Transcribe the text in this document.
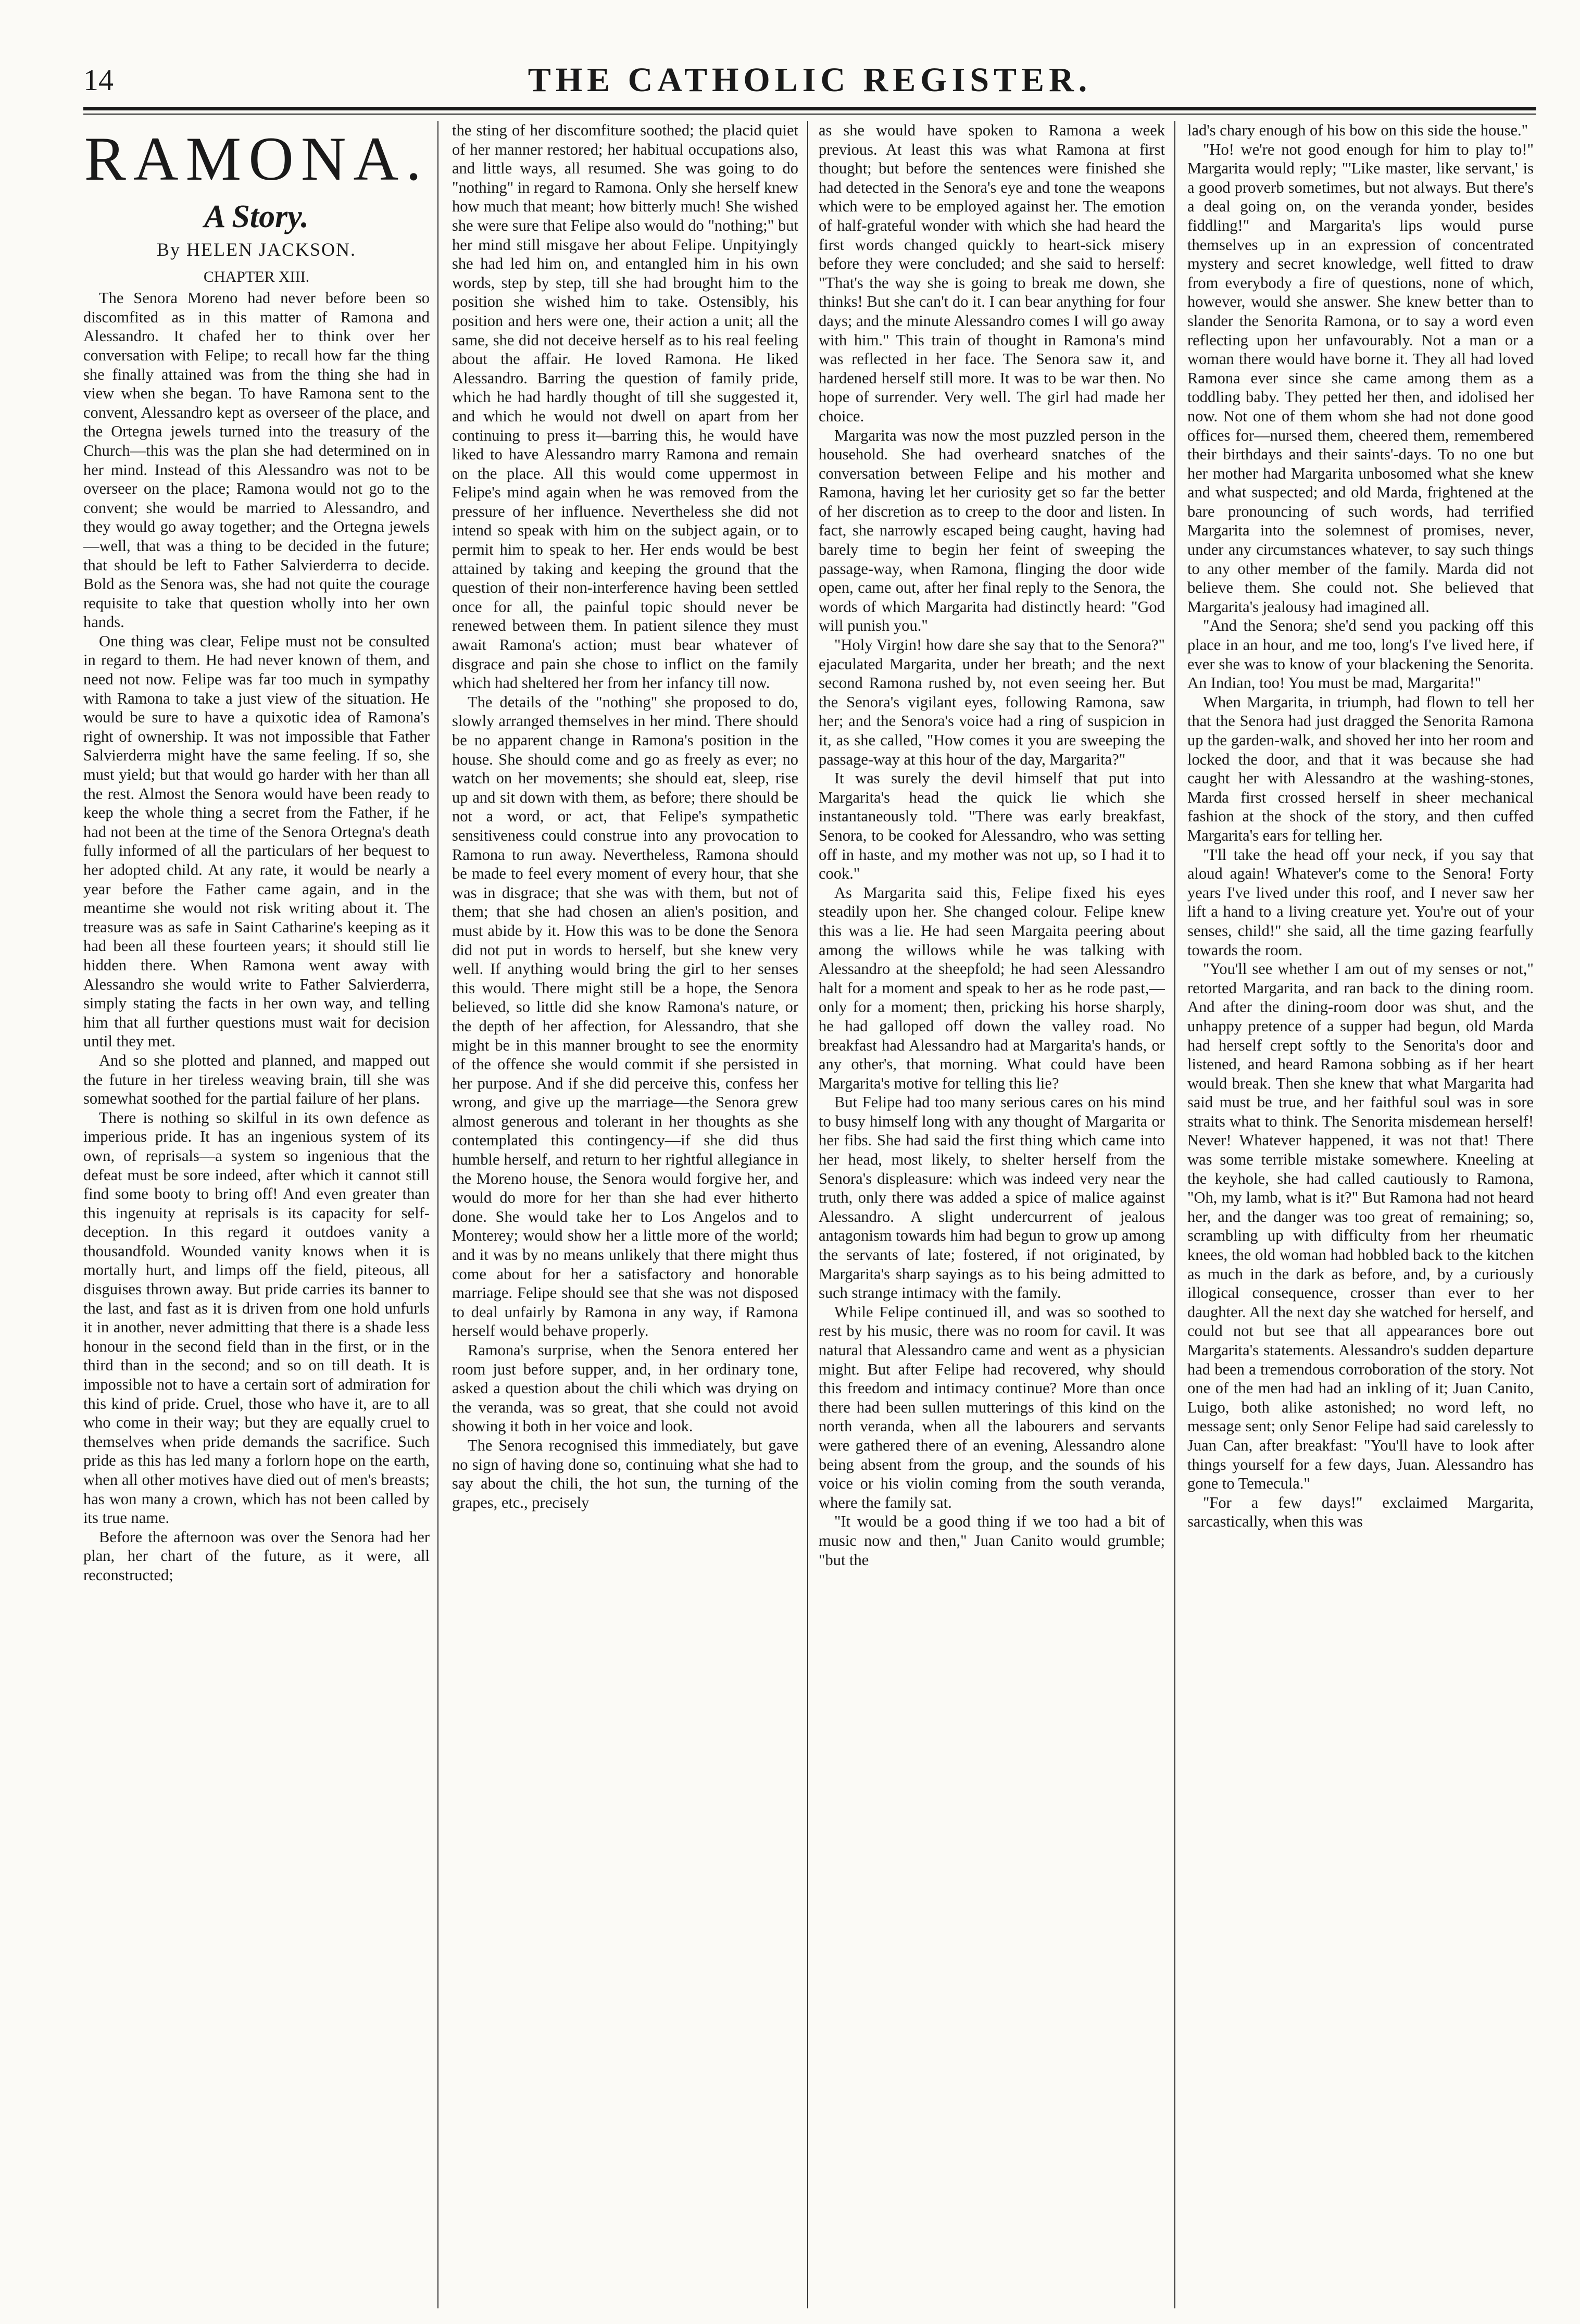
14	THE CATHOLIC REGISTER.
RAMONA.
A Story.
By HELEN JACKSON.
CHAPTER XIII.

The Senora Moreno had never before been so discomfited as in this matter of Ramona and Alessandro. It chafed her to think over her conversation with Felipe; to recall how far the thing she finally attained was from the thing she had in view when she began. To have Ramona sent to the convent, Alessandro kept as overseer of the place, and the Ortegna jewels turned into the treasury of the Church—this was the plan she had determined on in her mind. Instead of this Alessandro was not to be overseer on the place; Ramona would not go to the convent; she would be married to Alessandro, and they would go away together; and the Ortegna jewels—well, that was a thing to be decided in the future; that should be left to Father Salvierderra to decide. Bold as the Senora was, she had not quite the courage requisite to take that question wholly into her own hands.

One thing was clear, Felipe must not be consulted in regard to them. He had never known of them, and need not now. Felipe was far too much in sympathy with Ramona to take a just view of the situation. He would be sure to have a quixotic idea of Ramona's right of ownership. It was not impossible that Father Salvierderra might have the same feeling. If so, she must yield; but that would go harder with her than all the rest. Almost the Senora would have been ready to keep the whole thing a secret from the Father, if he had not been at the time of the Senora Ortegna's death fully informed of all the particulars of her bequest to her adopted child. At any rate, it would be nearly a year before the Father came again, and in the meantime she would not risk writing about it. The treasure was as safe in Saint Catharine's keeping as it had been all these fourteen years; it should still lie hidden there. When Ramona went away with Alessandro she would write to Father Salvierderra, simply stating the facts in her own way, and telling him that all further questions must wait for decision until they met.

And so she plotted and planned, and mapped out the future in her tireless weaving brain, till she was somewhat soothed for the partial failure of her plans.

There is nothing so skilful in its own defence as imperious pride. It has an ingenious system of its own, of reprisals—a system so ingenious that the defeat must be sore indeed, after which it cannot still find some booty to bring off! And even greater than this ingenuity at reprisals is its capacity for self-deception. In this regard it outdoes vanity a thousandfold. Wounded vanity knows when it is mortally hurt, and limps off the field, piteous, all disguises thrown away. But pride carries its banner to the last, and fast as it is driven from one hold unfurls it in another, never admitting that there is a shade less honour in the second field than in the first, or in the third than in the second; and so on till death. It is impossible not to have a certain sort of admiration for this kind of pride. Cruel, those who have it, are to all who come in their way; but they are equally cruel to themselves when pride demands the sacrifice. Such pride as this has led many a forlorn hope on the earth, when all other motives have died out of men's breasts; has won many a crown, which has not been called by its true name.

Before the afternoon was over the Senora had her plan, her chart of the future, as it were, all reconstructed;

the sting of her discomfiture soothed; the placid quiet of her manner restored; her habitual occupations also, and little ways, all resumed. She was going to do "nothing" in regard to Ramona. Only she herself knew how much that meant; how bitterly much! She wished she were sure that Felipe also would do "nothing;" but her mind still misgave her about Felipe. Unpityingly she had led him on, and entangled him in his own words, step by step, till she had brought him to the position she wished him to take. Ostensibly, his position and hers were one, their action a unit; all the same, she did not deceive herself as to his real feeling about the affair. He loved Ramona. He liked Alessandro. Barring the question of family pride, which he had hardly thought of till she suggested it, and which he would not dwell on apart from her continuing to press it—barring this, he would have liked to have Alessandro marry Ramona and remain on the place. All this would come uppermost in Felipe's mind again when he was removed from the pressure of her influence. Nevertheless she did not intend so speak with him on the subject again, or to permit him to speak to her. Her ends would be best attained by taking and keeping the ground that the question of their non-interference having been settled once for all, the painful topic should never be renewed between them. In patient silence they must await Ramona's action; must bear whatever of disgrace and pain she chose to inflict on the family which had sheltered her from her infancy till now.

The details of the "nothing" she proposed to do, slowly arranged themselves in her mind. There should be no apparent change in Ramona's position in the house. She should come and go as freely as ever; no watch on her movements; she should eat, sleep, rise up and sit down with them, as before; there should be not a word, or act, that Felipe's sympathetic sensitiveness could construe into any provocation to Ramona to run away. Nevertheless, Ramona should be made to feel every moment of every hour, that she was in disgrace; that she was with them, but not of them; that she had chosen an alien's position, and must abide by it. How this was to be done the Senora did not put in words to herself, but she knew very well. If anything would bring the girl to her senses this would. There might still be a hope, the Senora believed, so little did she know Ramona's nature, or the depth of her affection, for Alessandro, that she might be in this manner brought to see the enormity of the offence she would commit if she persisted in her purpose. And if she did perceive this, confess her wrong, and give up the marriage—the Senora grew almost generous and tolerant in her thoughts as she contemplated this contingency—if she did thus humble herself, and return to her rightful allegiance in the Moreno house, the Senora would forgive her, and would do more for her than she had ever hitherto done. She would take her to Los Angelos and to Monterey; would show her a little more of the world; and it was by no means unlikely that there might thus come about for her a satisfactory and honorable marriage. Felipe should see that she was not disposed to deal unfairly by Ramona in any way, if Ramona herself would behave properly.

Ramona's surprise, when the Senora entered her room just before supper, and, in her ordinary tone, asked a question about the chili which was drying on the veranda, was so great, that she could not avoid showing it both in her voice and look.

The Senora recognised this immediately, but gave no sign of having done so, continuing what she had to say about the chili, the hot sun, the turning of the grapes, etc., precisely

as she would have spoken to Ramona a week previous. At least this was what Ramona at first thought; but before the sentences were finished she had detected in the Senora's eye and tone the weapons which were to be employed against her. The emotion of half-grateful wonder with which she had heard the first words changed quickly to heart-sick misery before they were concluded; and she said to herself: "That's the way she is going to break me down, she thinks! But she can't do it. I can bear anything for four days; and the minute Alessandro comes I will go away with him." This train of thought in Ramona's mind was reflected in her face. The Senora saw it, and hardened herself still more. It was to be war then. No hope of surrender. Very well. The girl had made her choice.

Margarita was now the most puzzled person in the household. She had overheard snatches of the conversation between Felipe and his mother and Ramona, having let her curiosity get so far the better of her discretion as to creep to the door and listen. In fact, she narrowly escaped being caught, having had barely time to begin her feint of sweeping the passage-way, when Ramona, flinging the door wide open, came out, after her final reply to the Senora, the words of which Margarita had distinctly heard: "God will punish you."

"Holy Virgin! how dare she say that to the Senora?" ejaculated Margarita, under her breath; and the next second Ramona rushed by, not even seeing her. But the Senora's vigilant eyes, following Ramona, saw her; and the Senora's voice had a ring of suspicion in it, as she called, "How comes it you are sweeping the passage-way at this hour of the day, Margarita?"

It was surely the devil himself that put into Margarita's head the quick lie which she instantaneously told. "There was early breakfast, Senora, to be cooked for Alessandro, who was setting off in haste, and my mother was not up, so I had it to cook."

As Margarita said this, Felipe fixed his eyes steadily upon her. She changed colour. Felipe knew this was a lie. He had seen Margaita peering about among the willows while he was talking with Alessandro at the sheepfold; he had seen Alessandro halt for a moment and speak to her as he rode past,—only for a moment; then, pricking his horse sharply, he had galloped off down the valley road. No breakfast had Alessandro had at Margarita's hands, or any other's, that morning. What could have been Margarita's motive for telling this lie?

But Felipe had too many serious cares on his mind to busy himself long with any thought of Margarita or her fibs. She had said the first thing which came into her head, most likely, to shelter herself from the Senora's displeasure: which was indeed very near the truth, only there was added a spice of malice against Alessandro. A slight undercurrent of jealous antagonism towards him had begun to grow up among the servants of late; fostered, if not originated, by Margarita's sharp sayings as to his being admitted to such strange intimacy with the family.

While Felipe continued ill, and was so soothed to rest by his music, there was no room for cavil. It was natural that Alessandro came and went as a physician might. But after Felipe had recovered, why should this freedom and intimacy continue? More than once there had been sullen mutterings of this kind on the north veranda, when all the labourers and servants were gathered there of an evening, Alessandro alone being absent from the group, and the sounds of his voice or his violin coming from the south veranda, where the family sat.

"It would be a good thing if we too had a bit of music now and then," Juan Canito would grumble; "but the

lad's chary enough of his bow on this side the house."

"Ho! we're not good enough for him to play to!" Margarita would reply; "'Like master, like servant,' is a good proverb sometimes, but not always. But there's a deal going on, on the veranda yonder, besides fiddling!" and Margarita's lips would purse themselves up in an expression of concentrated mystery and secret knowledge, well fitted to draw from everybody a fire of questions, none of which, however, would she answer. She knew better than to slander the Senorita Ramona, or to say a word even reflecting upon her unfavourably. Not a man or a woman there would have borne it. They all had loved Ramona ever since she came among them as a toddling baby. They petted her then, and idolised her now. Not one of them whom she had not done good offices for—nursed them, cheered them, remembered their birthdays and their saints'-days. To no one but her mother had Margarita unbosomed what she knew and what suspected; and old Marda, frightened at the bare pronouncing of such words, had terrified Margarita into the solemnest of promises, never, under any circumstances whatever, to say such things to any other member of the family. Marda did not believe them. She could not. She believed that Margarita's jealousy had imagined all.

"And the Senora; she'd send you packing off this place in an hour, and me too, long's I've lived here, if ever she was to know of your blackening the Senorita. An Indian, too! You must be mad, Margarita!"

When Margarita, in triumph, had flown to tell her that the Senora had just dragged the Senorita Ramona up the garden-walk, and shoved her into her room and locked the door, and that it was because she had caught her with Alessandro at the washing-stones, Marda first crossed herself in sheer mechanical fashion at the shock of the story, and then cuffed Margarita's ears for telling her.

"I'll take the head off your neck, if you say that aloud again! Whatever's come to the Senora! Forty years I've lived under this roof, and I never saw her lift a hand to a living creature yet. You're out of your senses, child!" she said, all the time gazing fearfully towards the room.

"You'll see whether I am out of my senses or not," retorted Margarita, and ran back to the dining room. And after the dining-room door was shut, and the unhappy pretence of a supper had begun, old Marda had herself crept softly to the Senorita's door and listened, and heard Ramona sobbing as if her heart would break. Then she knew that what Margarita had said must be true, and her faithful soul was in sore straits what to think. The Senorita misdemean herself! Never! Whatever happened, it was not that! There was some terrible mistake somewhere. Kneeling at the keyhole, she had called cautiously to Ramona, "Oh, my lamb, what is it?" But Ramona had not heard her, and the danger was too great of remaining; so, scrambling up with difficulty from her rheumatic knees, the old woman had hobbled back to the kitchen as much in the dark as before, and, by a curiously illogical consequence, crosser than ever to her daughter. All the next day she watched for herself, and could not but see that all appearances bore out Margarita's statements. Alessandro's sudden departure had been a tremendous corroboration of the story. Not one of the men had had an inkling of it; Juan Canito, Luigo, both alike astonished; no word left, no message sent; only Senor Felipe had said carelessly to Juan Can, after breakfast: "You'll have to look after things yourself for a few days, Juan. Alessandro has gone to Temecula."

"For a few days!" exclaimed Margarita, sarcastically, when this was
